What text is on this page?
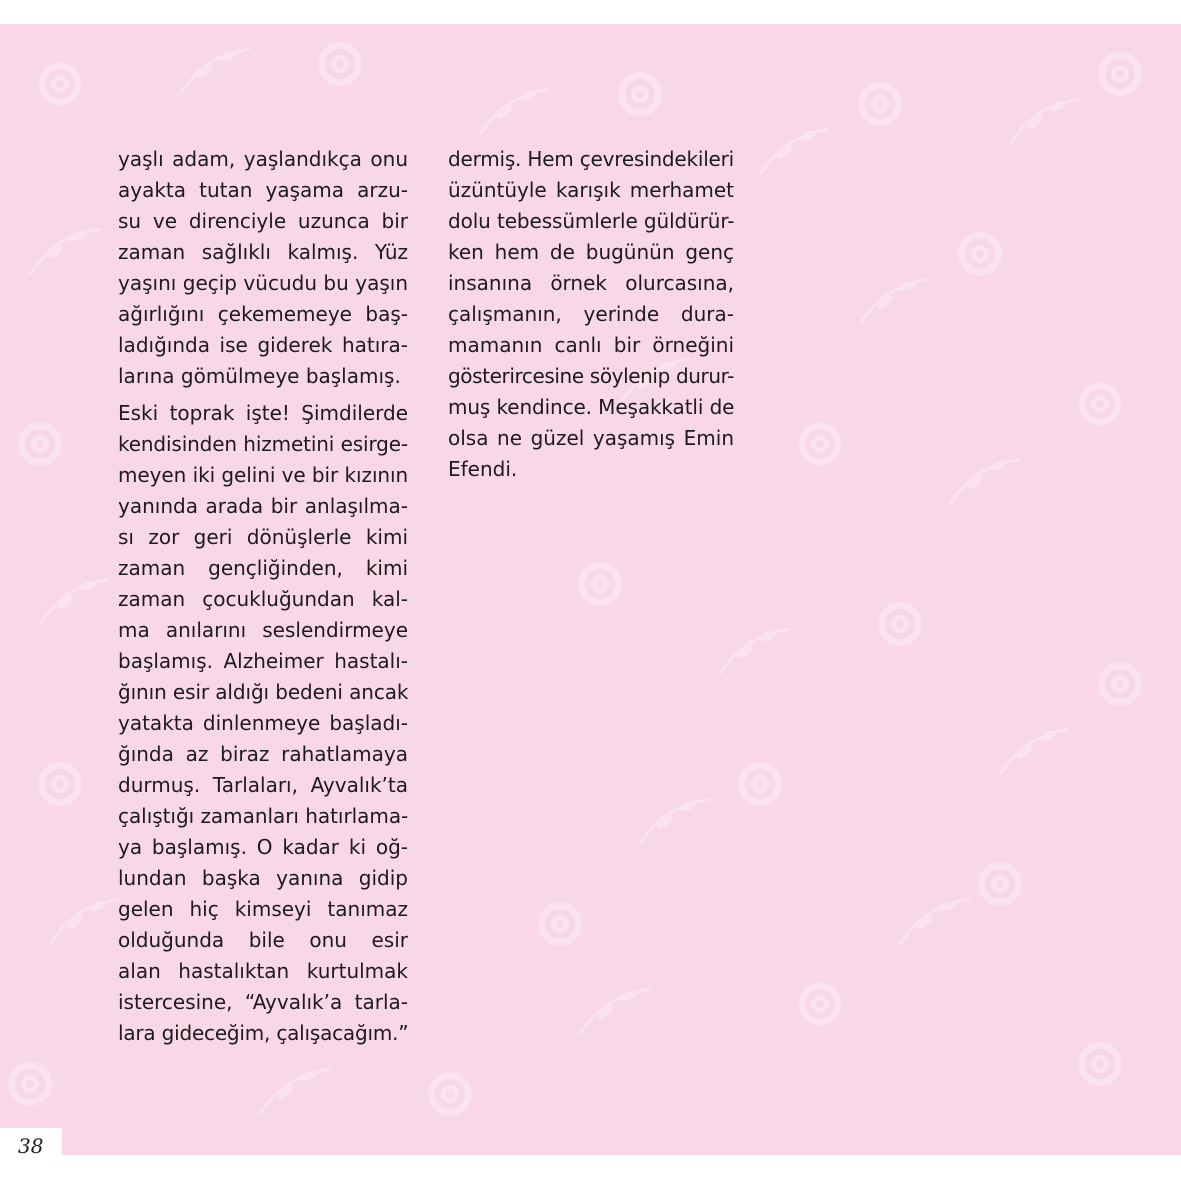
yaşlı adam, yaşlandıkça onu
ayakta tutan yaşama arzu-
su ve direnciyle uzunca bir
zaman sağlıklı kalmış. Yüz
yaşını geçip vücudu bu yaşın
ağırlığını çekememeye baş-
ladığında ise giderek hatıra-
larına gömülmeye başlamış.
Eski toprak işte! Şimdilerde
kendisinden hizmetini esirge-
meyen iki gelini ve bir kızının
yanında arada bir anlaşılma-
sı zor geri dönüşlerle kimi
zaman gençliğinden, kimi
zaman çocukluğundan kal-
ma anılarını seslendirmeye
başlamış. Alzheimer hastalı-
ğının esir aldığı bedeni ancak
yatakta dinlenmeye başladı-
ğında az biraz rahatlamaya
durmuş. Tarlaları, Ayvalık’ta
çalıştığı zamanları hatırlama-
ya başlamış. O kadar ki oğ-
lundan başka yanına gidip
gelen hiç kimseyi tanımaz
olduğunda bile onu esir
alan hastalıktan kurtulmak
istercesine, “Ayvalık’a tarla-
lara gideceğim, çalışacağım.”
dermiş. Hem çevresindekileri
üzüntüyle karışık merhamet
dolu tebessümlerle güldürür-
ken hem de bugünün genç
insanına örnek olurcasına,
çalışmanın, yerinde dura-
mamanın canlı bir örneğini
gösterircesine söylenip durur-
muş kendince. Meşakkatli de
olsa ne güzel yaşamış Emin
Efendi.
38
